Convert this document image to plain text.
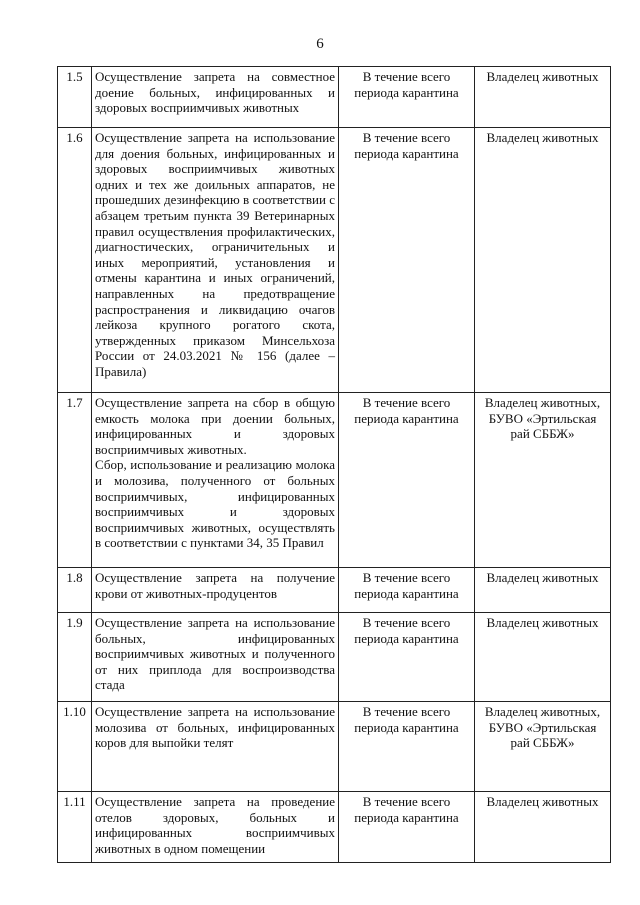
6
1.5	Осуществление запрета на совместное доение больных, инфицированных и здоровых восприимчивых животных	В течение всего периода карантина	Владелец животных
1.6	Осуществление запрета на использование для доения больных, инфицированных и здоровых восприимчивых животных одних и тех же доильных аппаратов, не прошедших дезинфекцию в соответствии с абзацем третьим пункта 39 Ветеринарных правил осуществления профилактических, диагностических, ограничительных и иных мероприятий, установления и отмены карантина и иных ограничений, направленных на предотвращение распространения и ликвидацию очагов лейкоза крупного рогатого скота, утвержденных приказом Минсельхоза России от 24.03.2021 № 156 (далее – Правила)	В течение всего периода карантина	Владелец животных
1.7	Осуществление запрета на сбор в общую емкость молока при доении больных, инфицированных и здоровых восприимчивых животных.
Сбор, использование и реализацию молока и молозива, полученного от больных восприимчивых, инфицированных восприимчивых и здоровых восприимчивых животных, осуществлять в соответствии с пунктами 34, 35 Правил	В течение всего периода карантина	Владелец животных, БУВО «Эртильская рай СББЖ»
1.8	Осуществление запрета на получение крови от животных-продуцентов	В течение всего периода карантина	Владелец животных
1.9	Осуществление запрета на использование больных, инфицированных восприимчивых животных и полученного от них приплода для воспроизводства стада	В течение всего периода карантина	Владелец животных
1.10	Осуществление запрета на использование молозива от больных, инфицированных коров для выпойки телят	В течение всего периода карантина	Владелец животных, БУВО «Эртильская рай СББЖ»
1.11	Осуществление запрета на проведение отелов здоровых, больных и инфицированных восприимчивых животных в одном помещении	В течение всего периода карантина	Владелец животных
